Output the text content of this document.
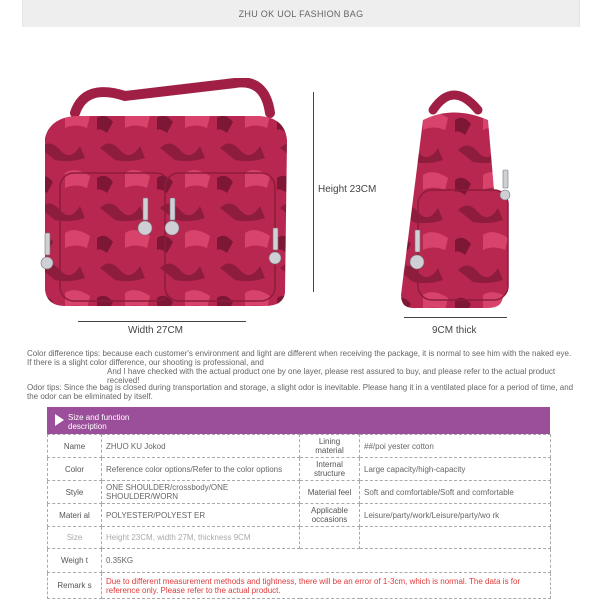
ZHU OK UOL FASHION BAG
Width 27CM
Height 23CM
9CM thick

Color difference tips: because each customer's environment and light are different when receiving the package, it is normal to see him with the naked eye. If there is a slight color difference, our shooting is professional, and

And I have checked with the actual product one by one layer, please rest assured to buy, and please refer to the actual product received!

Odor tips: Since the bag is closed during transportation and storage, a slight odor is inevitable. Please hang it in a ventilated place for a period of time, and the odor can be eliminated by itself.
Size and function description
Name	ZHUO KU Jokod	Lining material	##/poi yester cotton
Color	Reference color options/Refer to the color options	Internal structure	Large capacity/high-capacity
Style	ONE SHOULDER/crossbody/ONE SHOULDER/WORN	Material feel	Soft and comfortable/Soft and comfortable
Materi al	POLYESTER/POLYEST ER	Applicable occasions	Leisure/party/work/Leisure/party/wo rk
Size	Height 23CM, width 27M, thickness 9CM		
Weigh t	0.35KG		
Remark s	Due to different measurement methods and tightness, there will be an error of 1-3cm, which is normal. The data is for reference only. Please refer to the actual product.		
